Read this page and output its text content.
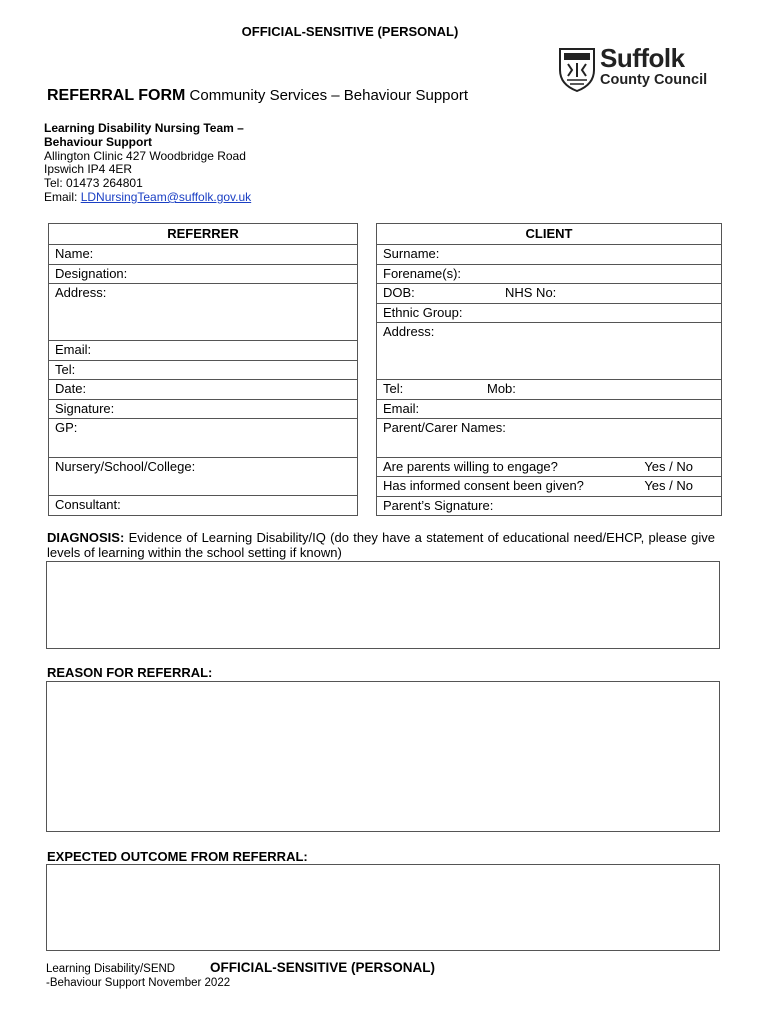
OFFICIAL-SENSITIVE (PERSONAL)
Suffolk
County Council
REFERRAL FORM Community Services – Behaviour Support
Learning Disability Nursing Team –
Behaviour Support
Allington Clinic 427 Woodbridge Road
Ipswich IP4 4ER
Tel: 01473 264801
Email: LDNursingTeam@suffolk.gov.uk
REFERRER
Name:
Designation:
Address:
Email:
Tel:
Date:
Signature:
GP:
Nursery/School/College:
Consultant:
CLIENT
Surname:
Forename(s):
DOB:	NHS No:

Ethnic Group:
Address:
Tel:	Mob:

Email:
Parent/Carer Names:
Are parents willing to engage?	Yes / No

Has informed consent been given?	Yes / No

Parent’s Signature:
DIAGNOSIS: Evidence of Learning Disability/IQ (do they have a statement of educational need/EHCP, please give levels of learning within the school setting if known)
REASON FOR REFERRAL:
EXPECTED OUTCOME FROM REFERRAL:
Learning Disability/SEND
-Behaviour Support November 2022
OFFICIAL-SENSITIVE (PERSONAL)
